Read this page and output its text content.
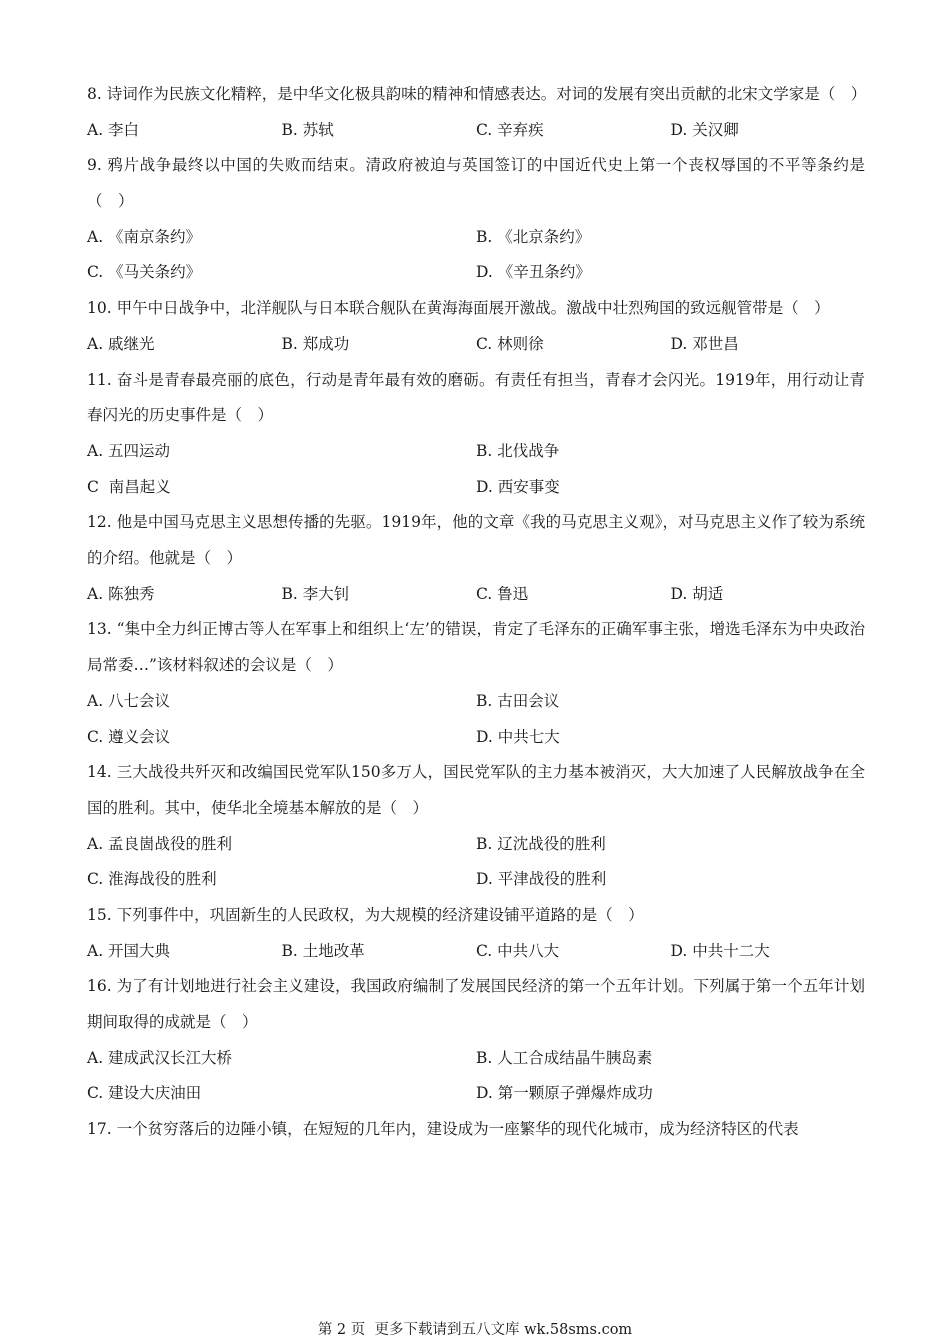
8. 诗词作为民族文化精粹，是中华文化极具韵味的精神和情感表达。对词的发展有突出贡献的北宋文学家是（　）
A. 李白	B. 苏轼	C. 辛弃疾	D. 关汉卿
9. 鸦片战争最终以中国的失败而结束。清政府被迫与英国签订的中国近代史上第一个丧权辱国的不平等条约是（　）
A. 《南京条约》	B. 《北京条约》
C. 《马关条约》	D. 《辛丑条约》
10. 甲午中日战争中，北洋舰队与日本联合舰队在黄海海面展开激战。激战中壮烈殉国的致远舰管带是（　）
A. 戚继光	B. 郑成功	C. 林则徐	D. 邓世昌
11. 奋斗是青春最亮丽的底色，行动是青年最有效的磨砺。有责任有担当，青春才会闪光。1919年，用行动让青春闪光的历史事件是（　）
A. 五四运动	B. 北伐战争
C  南昌起义	D. 西安事变
12. 他是中国马克思主义思想传播的先驱。1919年，他的文章《我的马克思主义观》，对马克思主义作了较为系统的介绍。他就是（　）
A. 陈独秀	B. 李大钊	C. 鲁迅	D. 胡适
13. “集中全力纠正博古等人在军事上和组织上‘左’的错误，肯定了毛泽东的正确军事主张，增选毛泽东为中央政治局常委…”该材料叙述的会议是（　）
A. 八七会议	B. 古田会议
C. 遵义会议	D. 中共七大
14. 三大战役共歼灭和改编国民党军队150多万人，国民党军队的主力基本被消灭，大大加速了人民解放战争在全国的胜利。其中，使华北全境基本解放的是（　）
A. 孟良崮战役的胜利	B. 辽沈战役的胜利
C. 淮海战役的胜利	D. 平津战役的胜利
15. 下列事件中，巩固新生的人民政权，为大规模的经济建设铺平道路的是（　）
A. 开国大典	B. 土地改革	C. 中共八大	D. 中共十二大
16. 为了有计划地进行社会主义建设，我国政府编制了发展国民经济的第一个五年计划。下列属于第一个五年计划期间取得的成就是（　）
A. 建成武汉长江大桥	B. 人工合成结晶牛胰岛素
C. 建设大庆油田	D. 第一颗原子弹爆炸成功
17. 一个贫穷落后的边陲小镇，在短短的几年内，建设成为一座繁华的现代化城市，成为经济特区的代表
第 2 页  更多下载请到五八文库 wk.58sms.com
